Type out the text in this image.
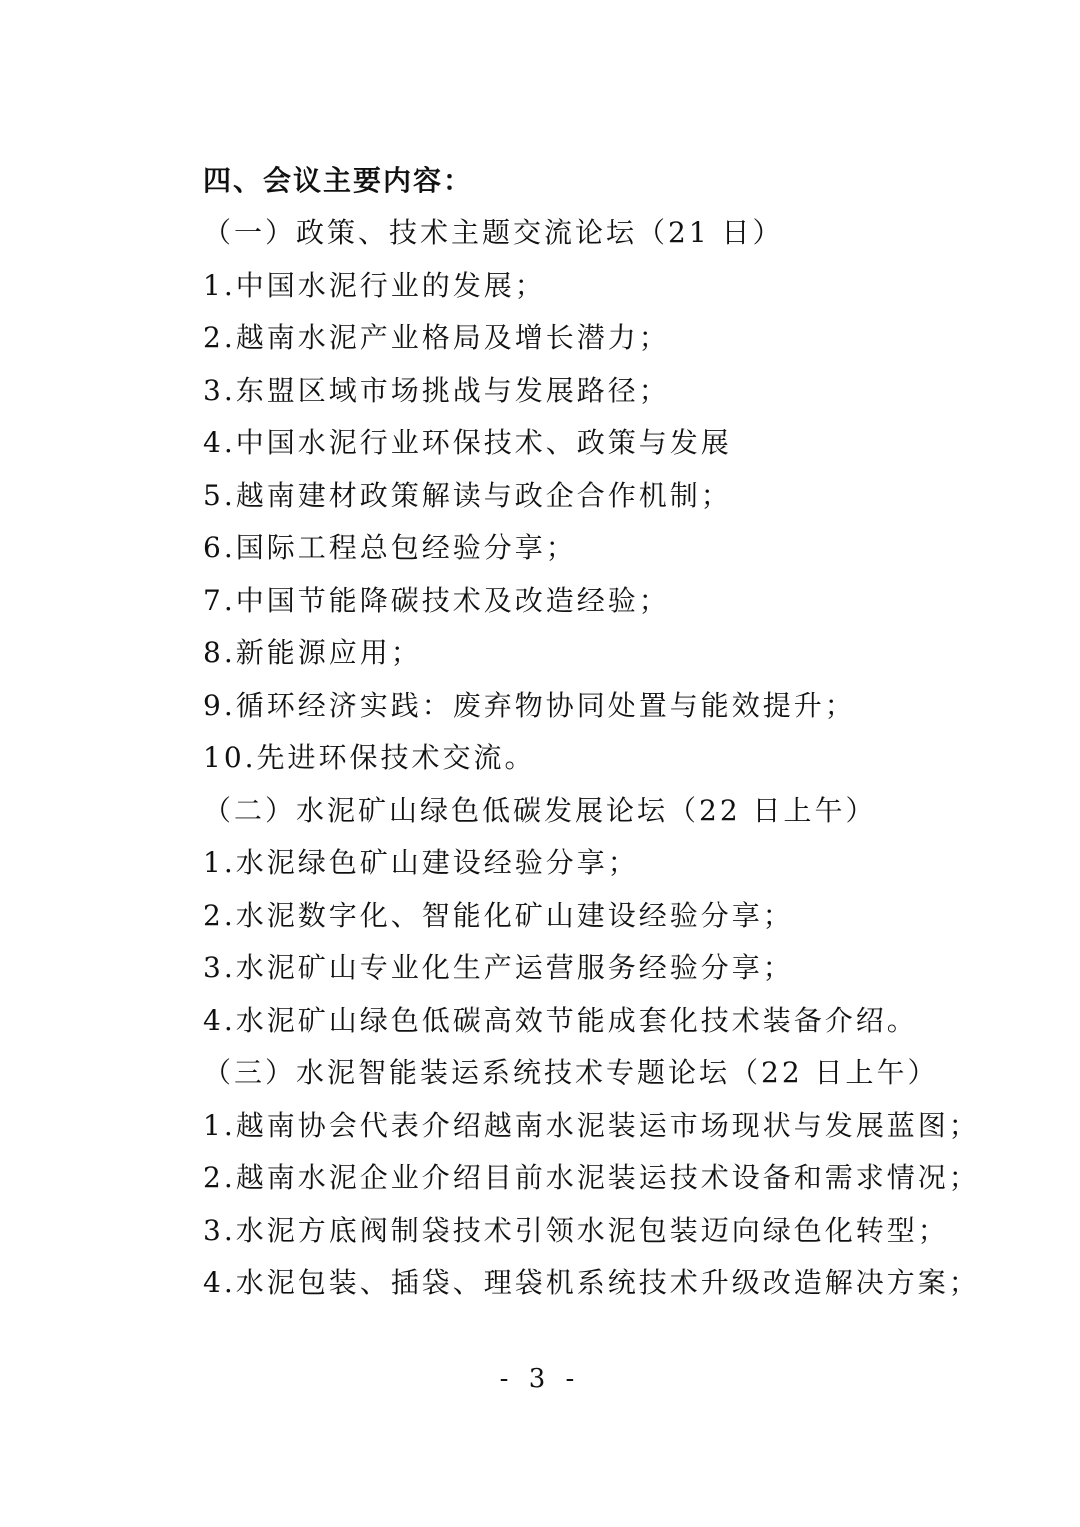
四、会议主要内容：
（一）政策、技术主题交流论坛（21 日）
1.中国水泥行业的发展；
2.越南水泥产业格局及增长潜力；
3.东盟区域市场挑战与发展路径；
4.中国水泥行业环保技术、政策与发展
5.越南建材政策解读与政企合作机制；
6.国际工程总包经验分享；
7.中国节能降碳技术及改造经验；
8.新能源应用；
9.循环经济实践：废弃物协同处置与能效提升；
10.先进环保技术交流。
（二）水泥矿山绿色低碳发展论坛（22 日上午）
1.水泥绿色矿山建设经验分享；
2.水泥数字化、智能化矿山建设经验分享；
3.水泥矿山专业化生产运营服务经验分享；
4.水泥矿山绿色低碳高效节能成套化技术装备介绍。
（三）水泥智能装运系统技术专题论坛（22 日上午）
1.越南协会代表介绍越南水泥装运市场现状与发展蓝图；
2.越南水泥企业介绍目前水泥装运技术设备和需求情况；
3.水泥方底阀制袋技术引领水泥包装迈向绿色化转型；
4.水泥包装、插袋、理袋机系统技术升级改造解决方案；
- 3 -
